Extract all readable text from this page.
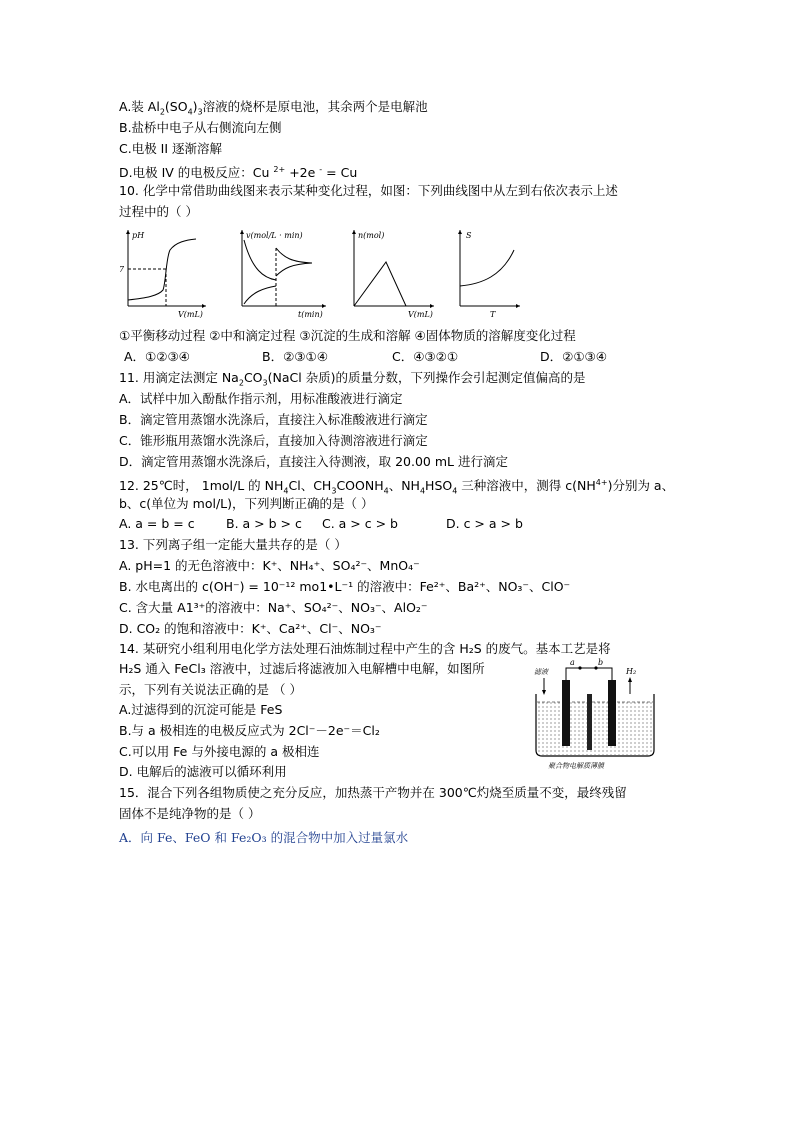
A.装 $Al_2(SO_4)_3$溶液的烧杯是原电池，其余两个是电解池
B.盐桥中电子从右侧流向左侧
C.电极 II 逐渐溶解
D.电极 IV 的电极反应：Cu $^{2+}$ +2e - = Cu
10. 化学中常借助曲线图来表示某种变化过程，如图：下列曲线图中从左到右依次表示上述
过程中的（ ）
pH
7
V(mL)
v(mol/L · min)
t(min)
n(mol)
V(mL)
S
T
①平衡移动过程 ②中和滴定过程 ③沉淀的生成和溶解 ④固体物质的溶解度变化过程
A．①②③④	B．②③①④	C．④③②①	D．②①③④
11. 用滴定法测定 $Na_2CO_3(NaCl$ 杂质)的质量分数，下列操作会引起测定值偏高的是
A．试样中加入酚酞作指示剂，用标准酸液进行滴定
B．滴定管用蒸馏水洗涤后，直接注入标准酸液进行滴定
C．锥形瓶用蒸馏水洗涤后，直接加入待测溶液进行滴定
D．滴定管用蒸馏水洗涤后，直接注入待测液，取 20.00 mL 进行滴定
12. 25℃时， 1mol/L 的 $NH_4Cl$、$CH_3COONH_4$、$NH_4HSO_4$ 三种溶液中，测得 $c(NH^{4+})$分别为 a、
b、c(单位为 mol/L)，下列判断正确的是（ ）
A. a = b = c	B. a > b > c C. a > c > b	D. c > a > b
13. 下列离子组一定能大量共存的是（ ）
A. pH=1 的无色溶液中：K⁺、NH₄⁺、SO₄²⁻、MnO₄⁻
B. 水电离出的 c(OH⁻) = 10⁻¹² mo1•L⁻¹ 的溶液中：Fe²⁺、Ba²⁺、NO₃⁻、ClO⁻
C. 含大量 A1³⁺的溶液中：Na⁺、SO₄²⁻、NO₃⁻、AlO₂⁻
D. CO₂ 的饱和溶液中：K⁺、Ca²⁺、Cl⁻、NO₃⁻
14. 某研究小组利用电化学方法处理石油炼制过程中产生的含 H₂S 的废气。基本工艺是将
H₂S 通入 FeCl₃ 溶液中，过滤后将滤液加入电解槽中电解，如图所
示，下列有关说法正确的是 （ ）
A.过滤得到的沉淀可能是 FeS
B.与 a 极相连的电极反应式为 2Cl⁻－2e⁻＝Cl₂
C.可以用 Fe 与外接电源的 a 极相连
D. 电解后的滤液可以循环利用
a	b
滤液	H₂
聚合物电解质薄膜
15．混合下列各组物质使之充分反应，加热蒸干产物并在 300℃灼烧至质量不变，最终残留
固体不是纯净物的是（ ）
A．向 Fe、FeO 和 Fe₂O₃ 的混合物中加入过量氯水
